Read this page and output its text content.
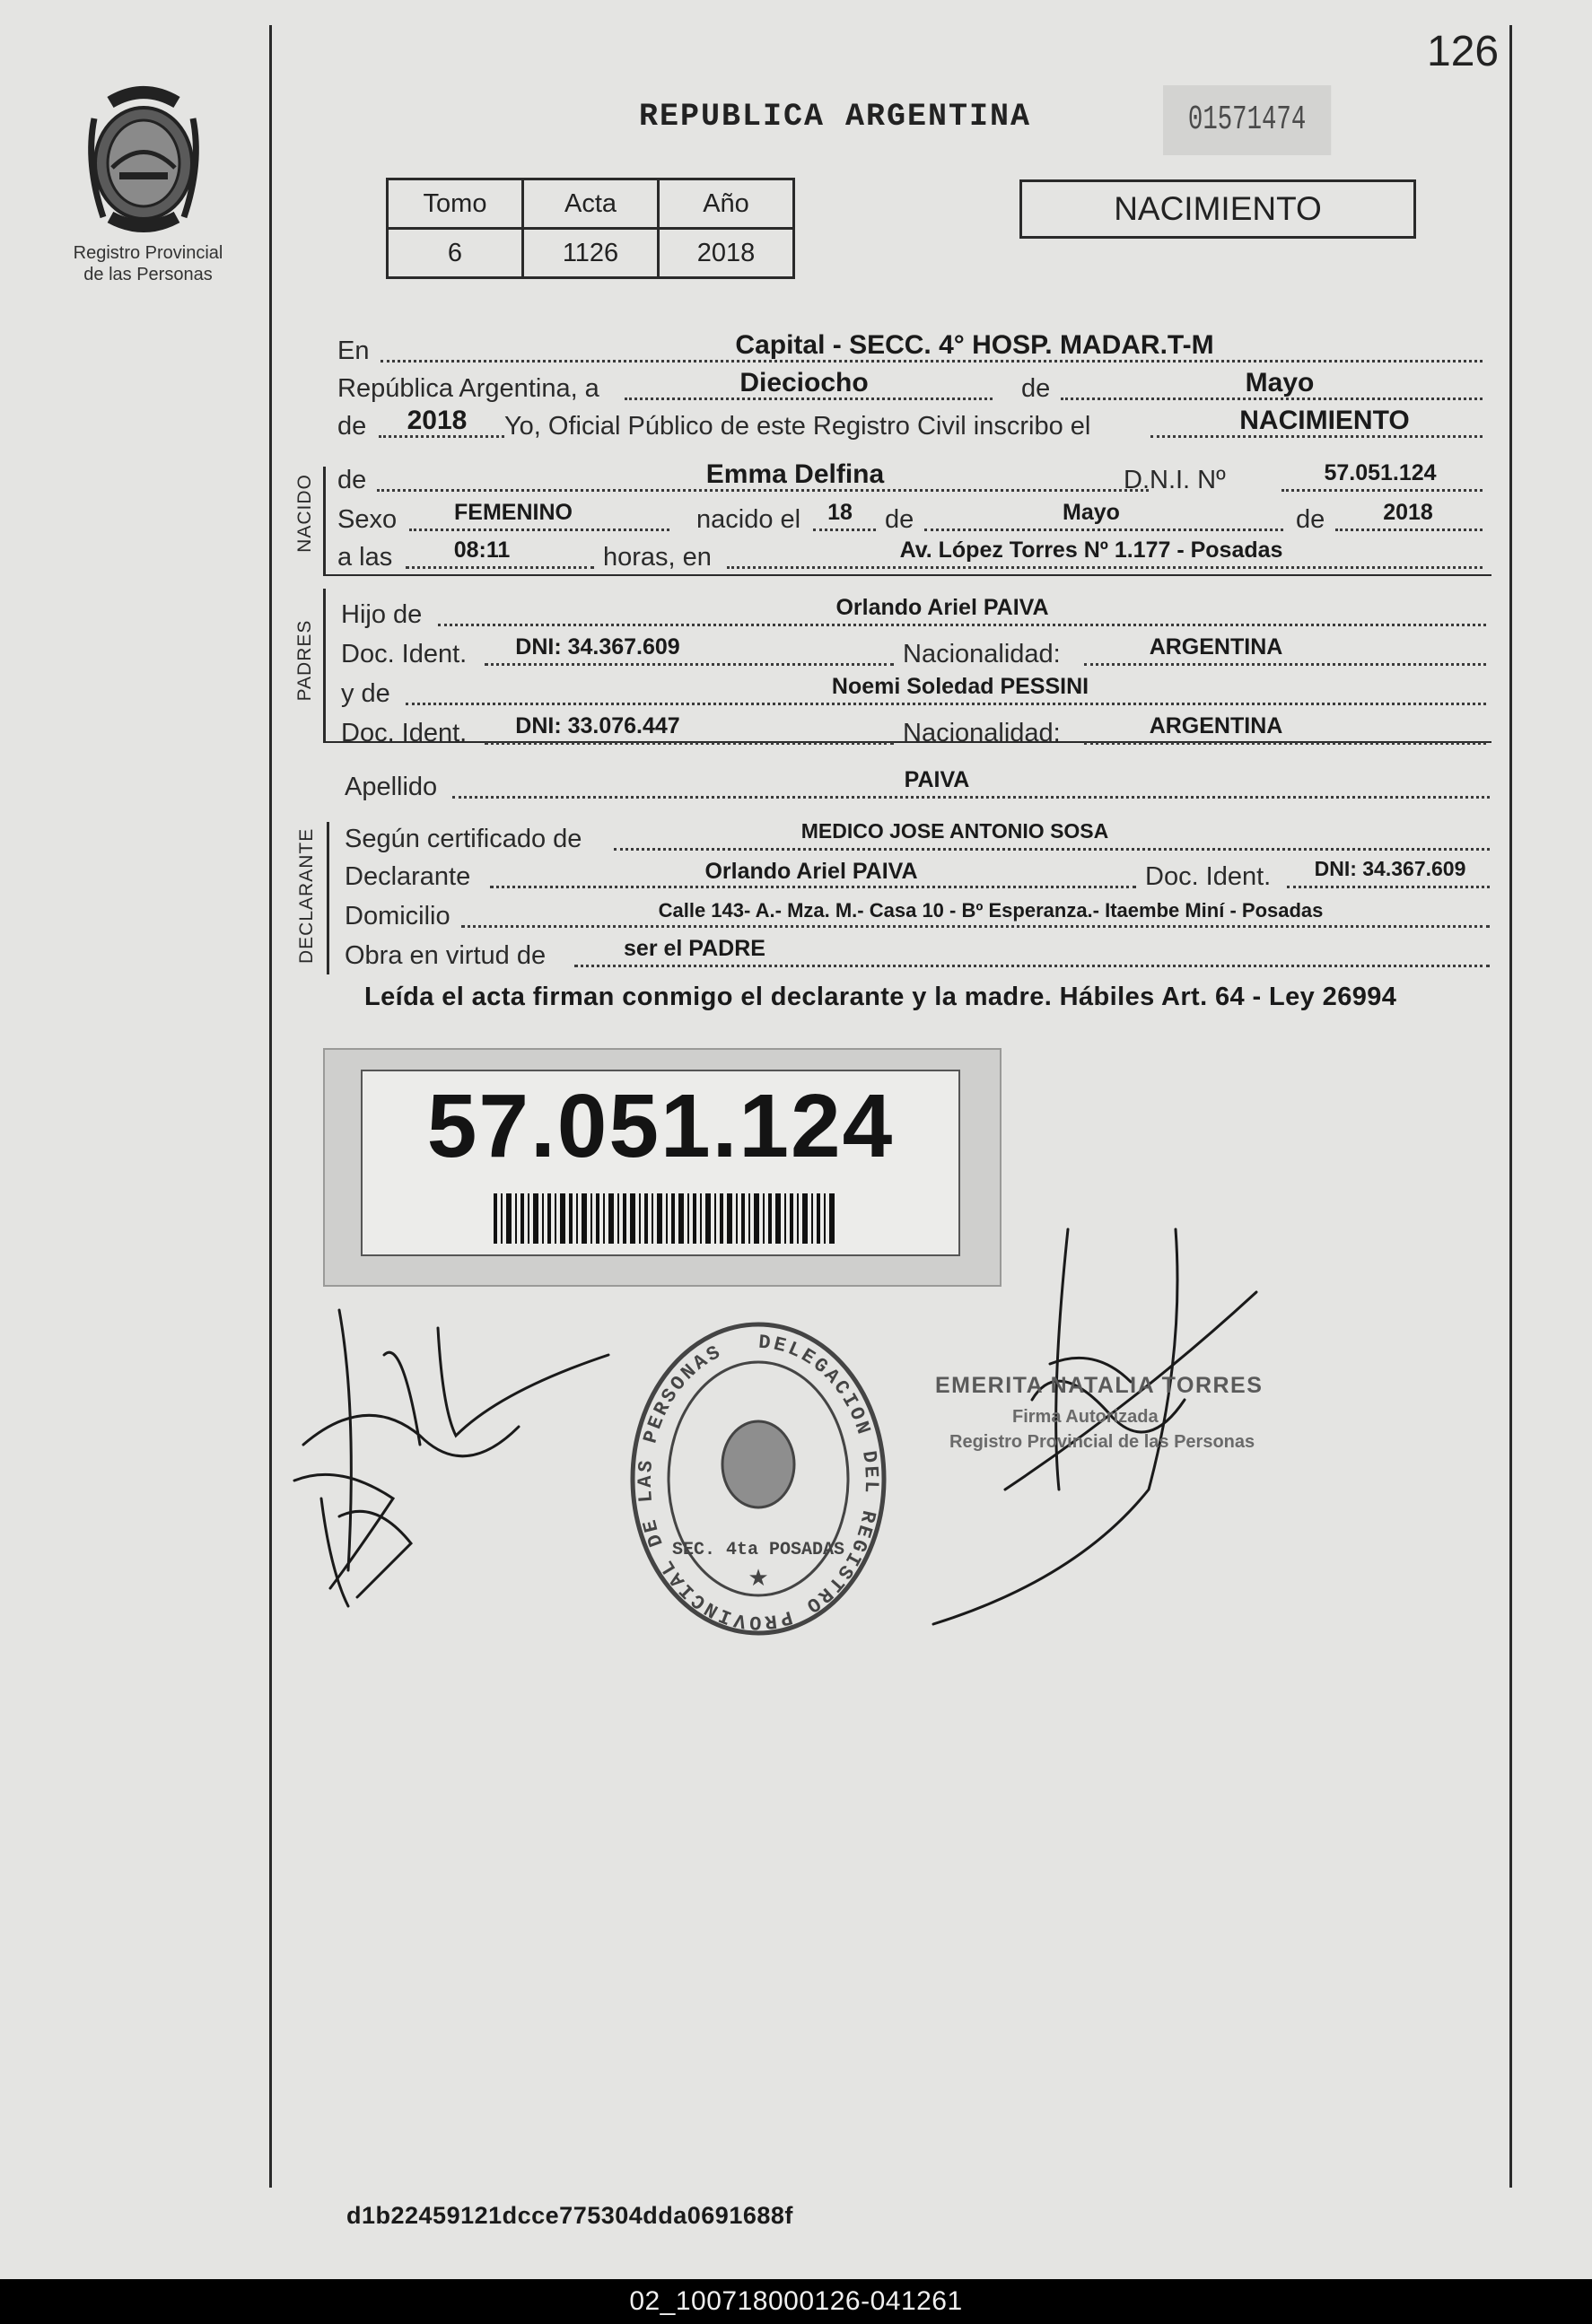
126
Registro Provincial
de las Personas
REPUBLICA ARGENTINA	01571474
Tomo	Acta	Año
6	1126	2018
NACIMIENTO
En	Capital - SECC. 4° HOSP. MADAR.T-M
República Argentina, a	Dieciocho	de	Mayo
de	2018	Yo, Oficial Público de este Registro Civil inscribo el	NACIMIENTO
NACIDO de	Emma Delfina	D.N.I. Nº	57.051.124
Sexo	FEMENINO	nacido el	18	de	Mayo	de	2018
a las	08:11	horas, en	Av. López Torres Nº 1.177 - Posadas
PADRES
Hijo de	Orlando Ariel PAIVA
Doc. Ident.	DNI: 34.367.609	Nacionalidad:	ARGENTINA
y de	Noemi Soledad PESSINI
Doc. Ident.	DNI: 33.076.447	Nacionalidad:	ARGENTINA
Apellido	PAIVA
DECLARANTE Según certificado de	MEDICO JOSE ANTONIO SOSA
Declarante	Orlando Ariel PAIVA	Doc. Ident.	DNI: 34.367.609
Domicilio	Calle 143- A.- Mza. M.- Casa 10 - Bº Esperanza.- Itaembe Miní - Posadas
Obra en virtud de	ser el PADRE
Leída el acta firman conmigo el declarante y la madre. Hábiles Art. 64 - Ley 26994
57.051.124
DELEGACION DEL REGISTRO PROVINCIAL DE LAS PERSONAS
SEC. 4ta POSADAS
★
EMERITA NATALIA TORRES
Firma Autorizada
Registro Provincial de las Personas
d1b22459121dcce775304dda0691688f
02_100718000126-041261
